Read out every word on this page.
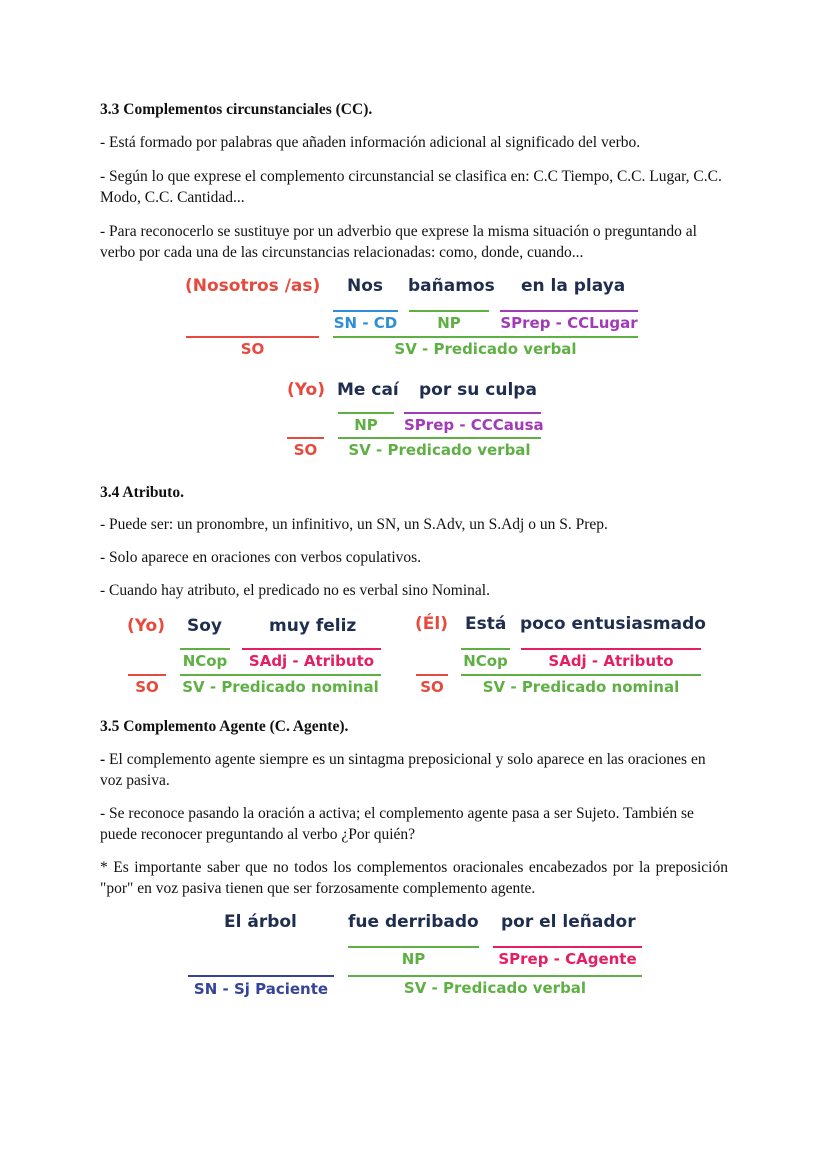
3.3 Complementos circunstanciales (CC).
- Está formado por palabras que añaden información adicional al significado del verbo.
- Según lo que exprese el complemento circunstancial se clasifica en: C.C Tiempo, C.C. Lugar, C.C. Modo, C.C. Cantidad...
- Para reconocerlo se sustituye por un adverbio que exprese la misma situación o preguntando al verbo por cada una de las circunstancias relacionadas: como, donde, cuando...
(Nosotros /as) Nos bañamos en la playa
SN - CD	NP	SPrep - CCLugar
SO	SV - Predicado verbal
(Yo) Me caí por su culpa
NP	SPrep - CCCausa
SO	SV - Predicado verbal
3.4 Atributo.
- Puede ser: un pronombre, un infinitivo, un SN, un S.Adv, un S.Adj o un S. Prep.
- Solo aparece en oraciones con verbos copulativos.
- Cuando hay atributo, el predicado no es verbal sino Nominal.
(Yo) Soy	muy feliz
NCop	SAdj - Atributo
SO	SV - Predicado nominal
(Él) Está poco entusiasmado
NCop	SAdj - Atributo
SO	SV - Predicado nominal
3.5 Complemento Agente (C. Agente).
- El complemento agente siempre es un sintagma preposicional y solo aparece en las oraciones en voz pasiva.
- Se reconoce pasando la oración a activa; el complemento agente pasa a ser Sujeto. También se puede reconocer preguntando al verbo ¿Por quién?
* Es importante saber que no todos los complementos oracionales encabezados por la preposición "por" en voz pasiva tienen que ser forzosamente complemento agente.
El árbol	fue derribado por el leñador
NP	SPrep - CAgente
SN - Sj Paciente	SV - Predicado verbal
